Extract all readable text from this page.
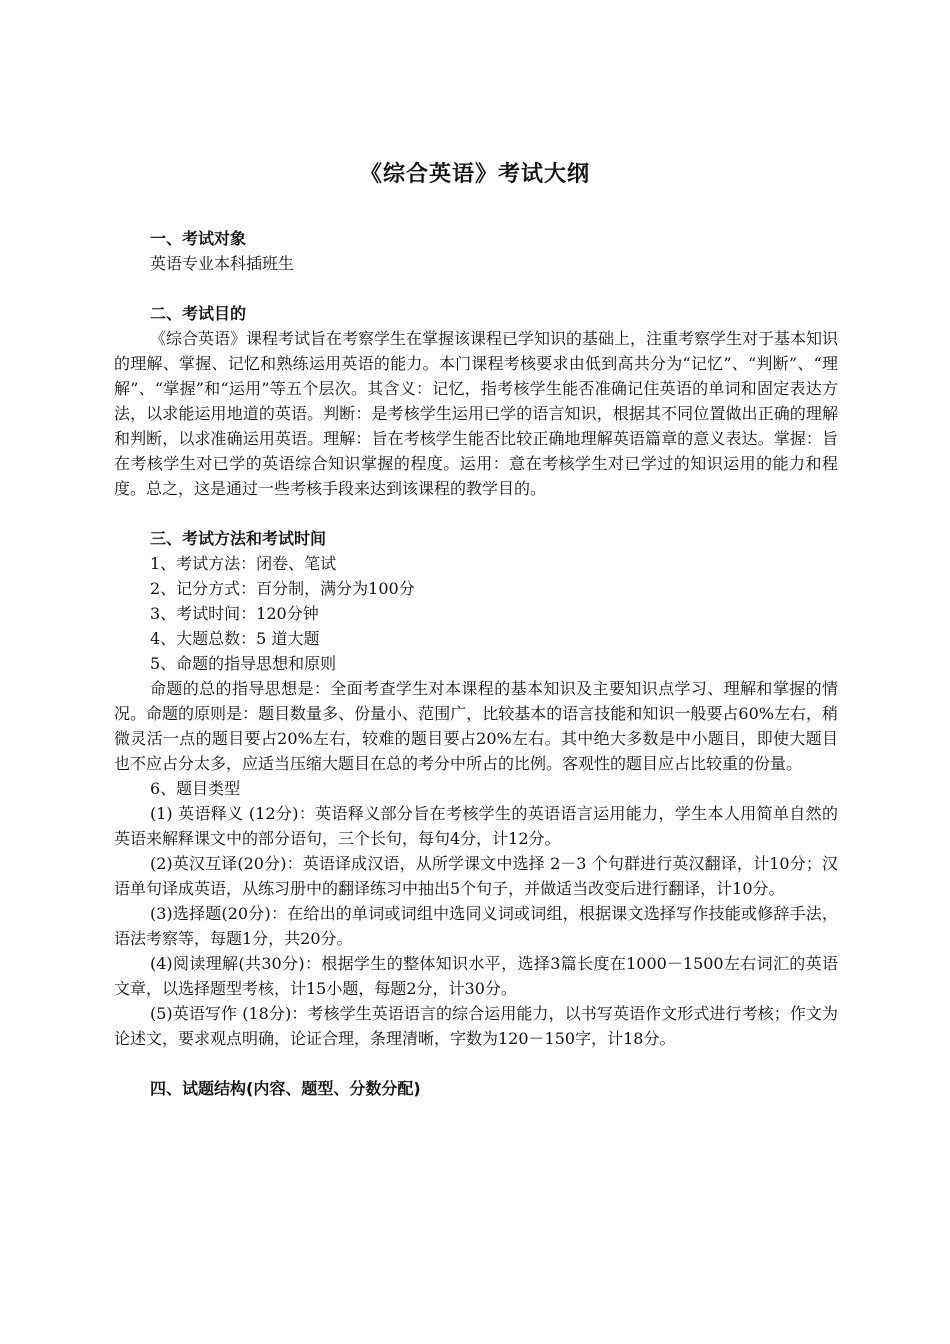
《综合英语》考试大纲
一、考试对象
英语专业本科插班生
二、考试目的
《综合英语》课程考试旨在考察学生在掌握该课程已学知识的基础上，注重考察学生对于基本知识的理解、掌握、记忆和熟练运用英语的能力。本门课程考核要求由低到高共分为“记忆”、“判断”、“理解”、“掌握”和“运用”等五个层次。其含义：记忆，指考核学生能否准确记住英语的单词和固定表达方法，以求能运用地道的英语。判断：是考核学生运用已学的语言知识，根据其不同位置做出正确的理解和判断，以求准确运用英语。理解：旨在考核学生能否比较正确地理解英语篇章的意义表达。掌握：旨在考核学生对已学的英语综合知识掌握的程度。运用：意在考核学生对已学过的知识运用的能力和程度。总之，这是通过一些考核手段来达到该课程的教学目的。
三、考试方法和考试时间
1、考试方法：闭卷、笔试
2、记分方式：百分制，满分为100分
3、考试时间：120分钟
4、大题总数：5 道大题
5、命题的指导思想和原则
命题的总的指导思想是：全面考查学生对本课程的基本知识及主要知识点学习、理解和掌握的情况。命题的原则是：题目数量多、份量小、范围广，比较基本的语言技能和知识一般要占60%左右，稍微灵活一点的题目要占20%左右，较难的题目要占20%左右。其中绝大多数是中小题目，即使大题目也不应占分太多，应适当压缩大题目在总的考分中所占的比例。客观性的题目应占比较重的份量。
6、题目类型
(1) 英语释义 (12分)：英语释义部分旨在考核学生的英语语言运用能力，学生本人用简单自然的英语来解释课文中的部分语句，三个长句，每句4分，计12分。
(2)英汉互译(20分)：英语译成汉语，从所学课文中选择 2－3 个句群进行英汉翻译，计10分；汉语单句译成英语，从练习册中的翻译练习中抽出5个句子，并做适当改变后进行翻译，计10分。
(3)选择题(20分)：在给出的单词或词组中选同义词或词组，根据课文选择写作技能或修辞手法，语法考察等，每题1分，共20分。
(4)阅读理解(共30分)：根据学生的整体知识水平，选择3篇长度在1000－1500左右词汇的英语文章，以选择题型考核，计15小题，每题2分，计30分。
(5)英语写作 (18分)：考核学生英语语言的综合运用能力，以书写英语作文形式进行考核；作文为论述文，要求观点明确，论证合理，条理清晰，字数为120－150字，计18分。
四、试题结构(内容、题型、分数分配)
